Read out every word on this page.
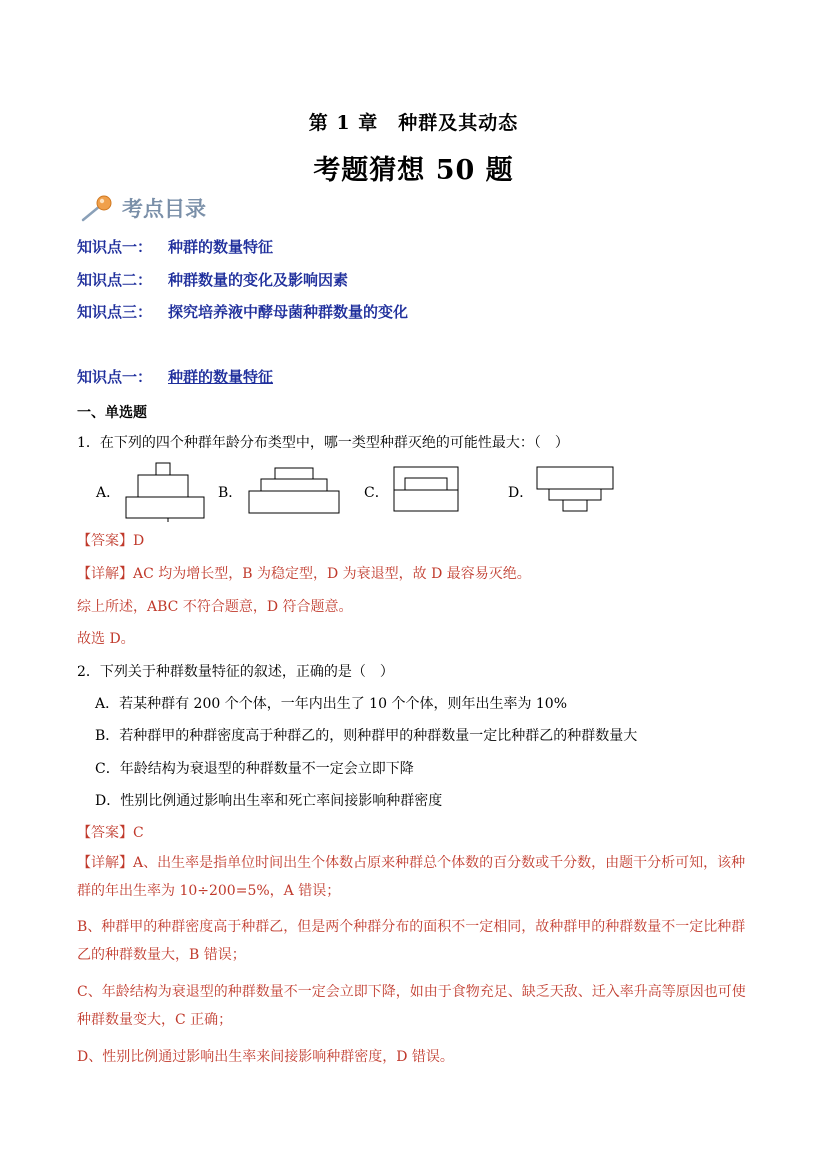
第 1 章　种群及其动态
考题猜想 50 题
考点目录
知识点一： 种群的数量特征
知识点二： 种群数量的变化及影响因素
知识点三： 探究培养液中酵母菌种群数量的变化
知识点一： 种群的数量特征
一、单选题
1．在下列的四个种群年龄分布类型中，哪一类型种群灭绝的可能性最大：（　）
A．	B．	C．	D．
【答案】D
【详解】AC 均为增长型，B 为稳定型，D 为衰退型，故 D 最容易灭绝。
综上所述，ABC 不符合题意，D 符合题意。
故选 D。
2．下列关于种群数量特征的叙述，正确的是（　）
A．若某种群有 200 个个体，一年内出生了 10 个个体，则年出生率为 10%
B．若种群甲的种群密度高于种群乙的，则种群甲的种群数量一定比种群乙的种群数量大
C．年龄结构为衰退型的种群数量不一定会立即下降
D．性别比例通过影响出生率和死亡率间接影响种群密度
【答案】C
【详解】A、出生率是指单位时间出生个体数占原来种群总个体数的百分数或千分数，由题干分析可知，该种群的年出生率为 10÷200=5%，A 错误；
B、种群甲的种群密度高于种群乙，但是两个种群分布的面积不一定相同，故种群甲的种群数量不一定比种群乙的种群数量大，B 错误；
C、年龄结构为衰退型的种群数量不一定会立即下降，如由于食物充足、缺乏天敌、迁入率升高等原因也可使种群数量变大，C 正确；
D、性别比例通过影响出生率来间接影响种群密度，D 错误。
